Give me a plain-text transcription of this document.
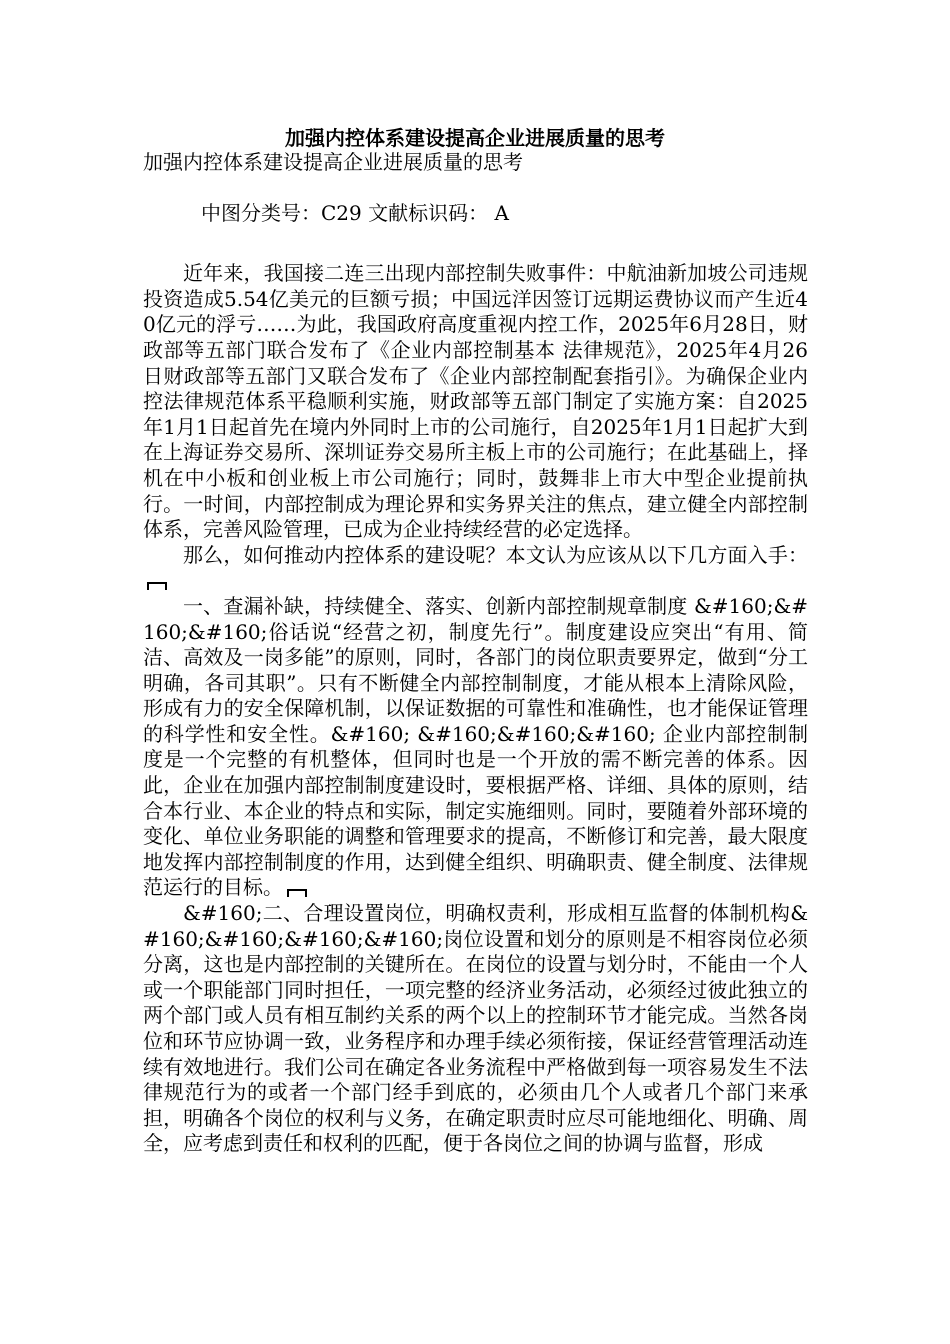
加强内控体系建设提高企业进展质量的思考

加强内控体系建设提高企业进展质量的思考

中图分类号：C29 文献标识码： A

近年来，我国接二连三出现内部控制失败事件：中航油新加坡公司违规投资造成5.54亿美元的巨额亏损；中国远洋因签订远期运费协议而产生近40亿元的浮亏……为此，我国政府高度重视内控工作，2025年6月28日，财政部等五部门联合发布了《企业内部控制基本 法律规范》，2025年4月26日财政部等五部门又联合发布了《企业内部控制配套指引》。为确保企业内控法律规范体系平稳顺利实施，财政部等五部门制定了实施方案：自2025年1月1日起首先在境内外同时上市的公司施行，自2025年1月1日起扩大到在上海证券交易所、深圳证券交易所主板上市的公司施行；在此基础上，择机在中小板和创业板上市公司施行；同时，鼓舞非上市大中型企业提前执行。一时间，内部控制成为理论界和实务界关注的焦点，建立健全内部控制体系，完善风险管理，已成为企业持续经营的必定选择。

那么，如何推动内控体系的建设呢？本文认为应该从以下几方面入手：

一、查漏补缺，持续健全、落实、创新内部控制规章制度 &#160;&#160;&#160;俗话说“经营之初，制度先行”。制度建设应突出“有用、简洁、高效及一岗多能”的原则，同时，各部门的岗位职责要界定，做到“分工明确，各司其职”。只有不断健全内部控制制度，才能从根本上清除风险，形成有力的安全保障机制，以保证数据的可靠性和准确性，也才能保证管理的科学性和安全性。&#160; &#160;&#160;&#160; 企业内部控制制度是一个完整的有机整体，但同时也是一个开放的需不断完善的体系。因此，企业在加强内部控制制度建设时，要根据严格、详细、具体的原则，结合本行业、本企业的特点和实际，制定实施细则。同时，要随着外部环境的变化、单位业务职能的调整和管理要求的提高，不断修订和完善，最大限度地发挥内部控制制度的作用，达到健全组织、明确职责、健全制度、法律规范运行的目标。

&#160;二、合理设置岗位，明确权责利，形成相互监督的体制机构&#160;&#160;&#160;&#160;岗位设置和划分的原则是不相容岗位必须分离，这也是内部控制的关键所在。在岗位的设置与划分时，不能由一个人或一个职能部门同时担任，一项完整的经济业务活动，必须经过彼此独立的两个部门或人员有相互制约关系的两个以上的控制环节才能完成。当然各岗位和环节应协调一致，业务程序和办理手续必须衔接，保证经营管理活动连续有效地进行。我们公司在确定各业务流程中严格做到每一项容易发生不法律规范行为的或者一个部门经手到底的，必须由几个人或者几个部门来承担，明确各个岗位的权利与义务，在确定职责时应尽可能地细化、明确、周全，应考虑到责任和权利的匹配，便于各岗位之间的协调与监督，形成
